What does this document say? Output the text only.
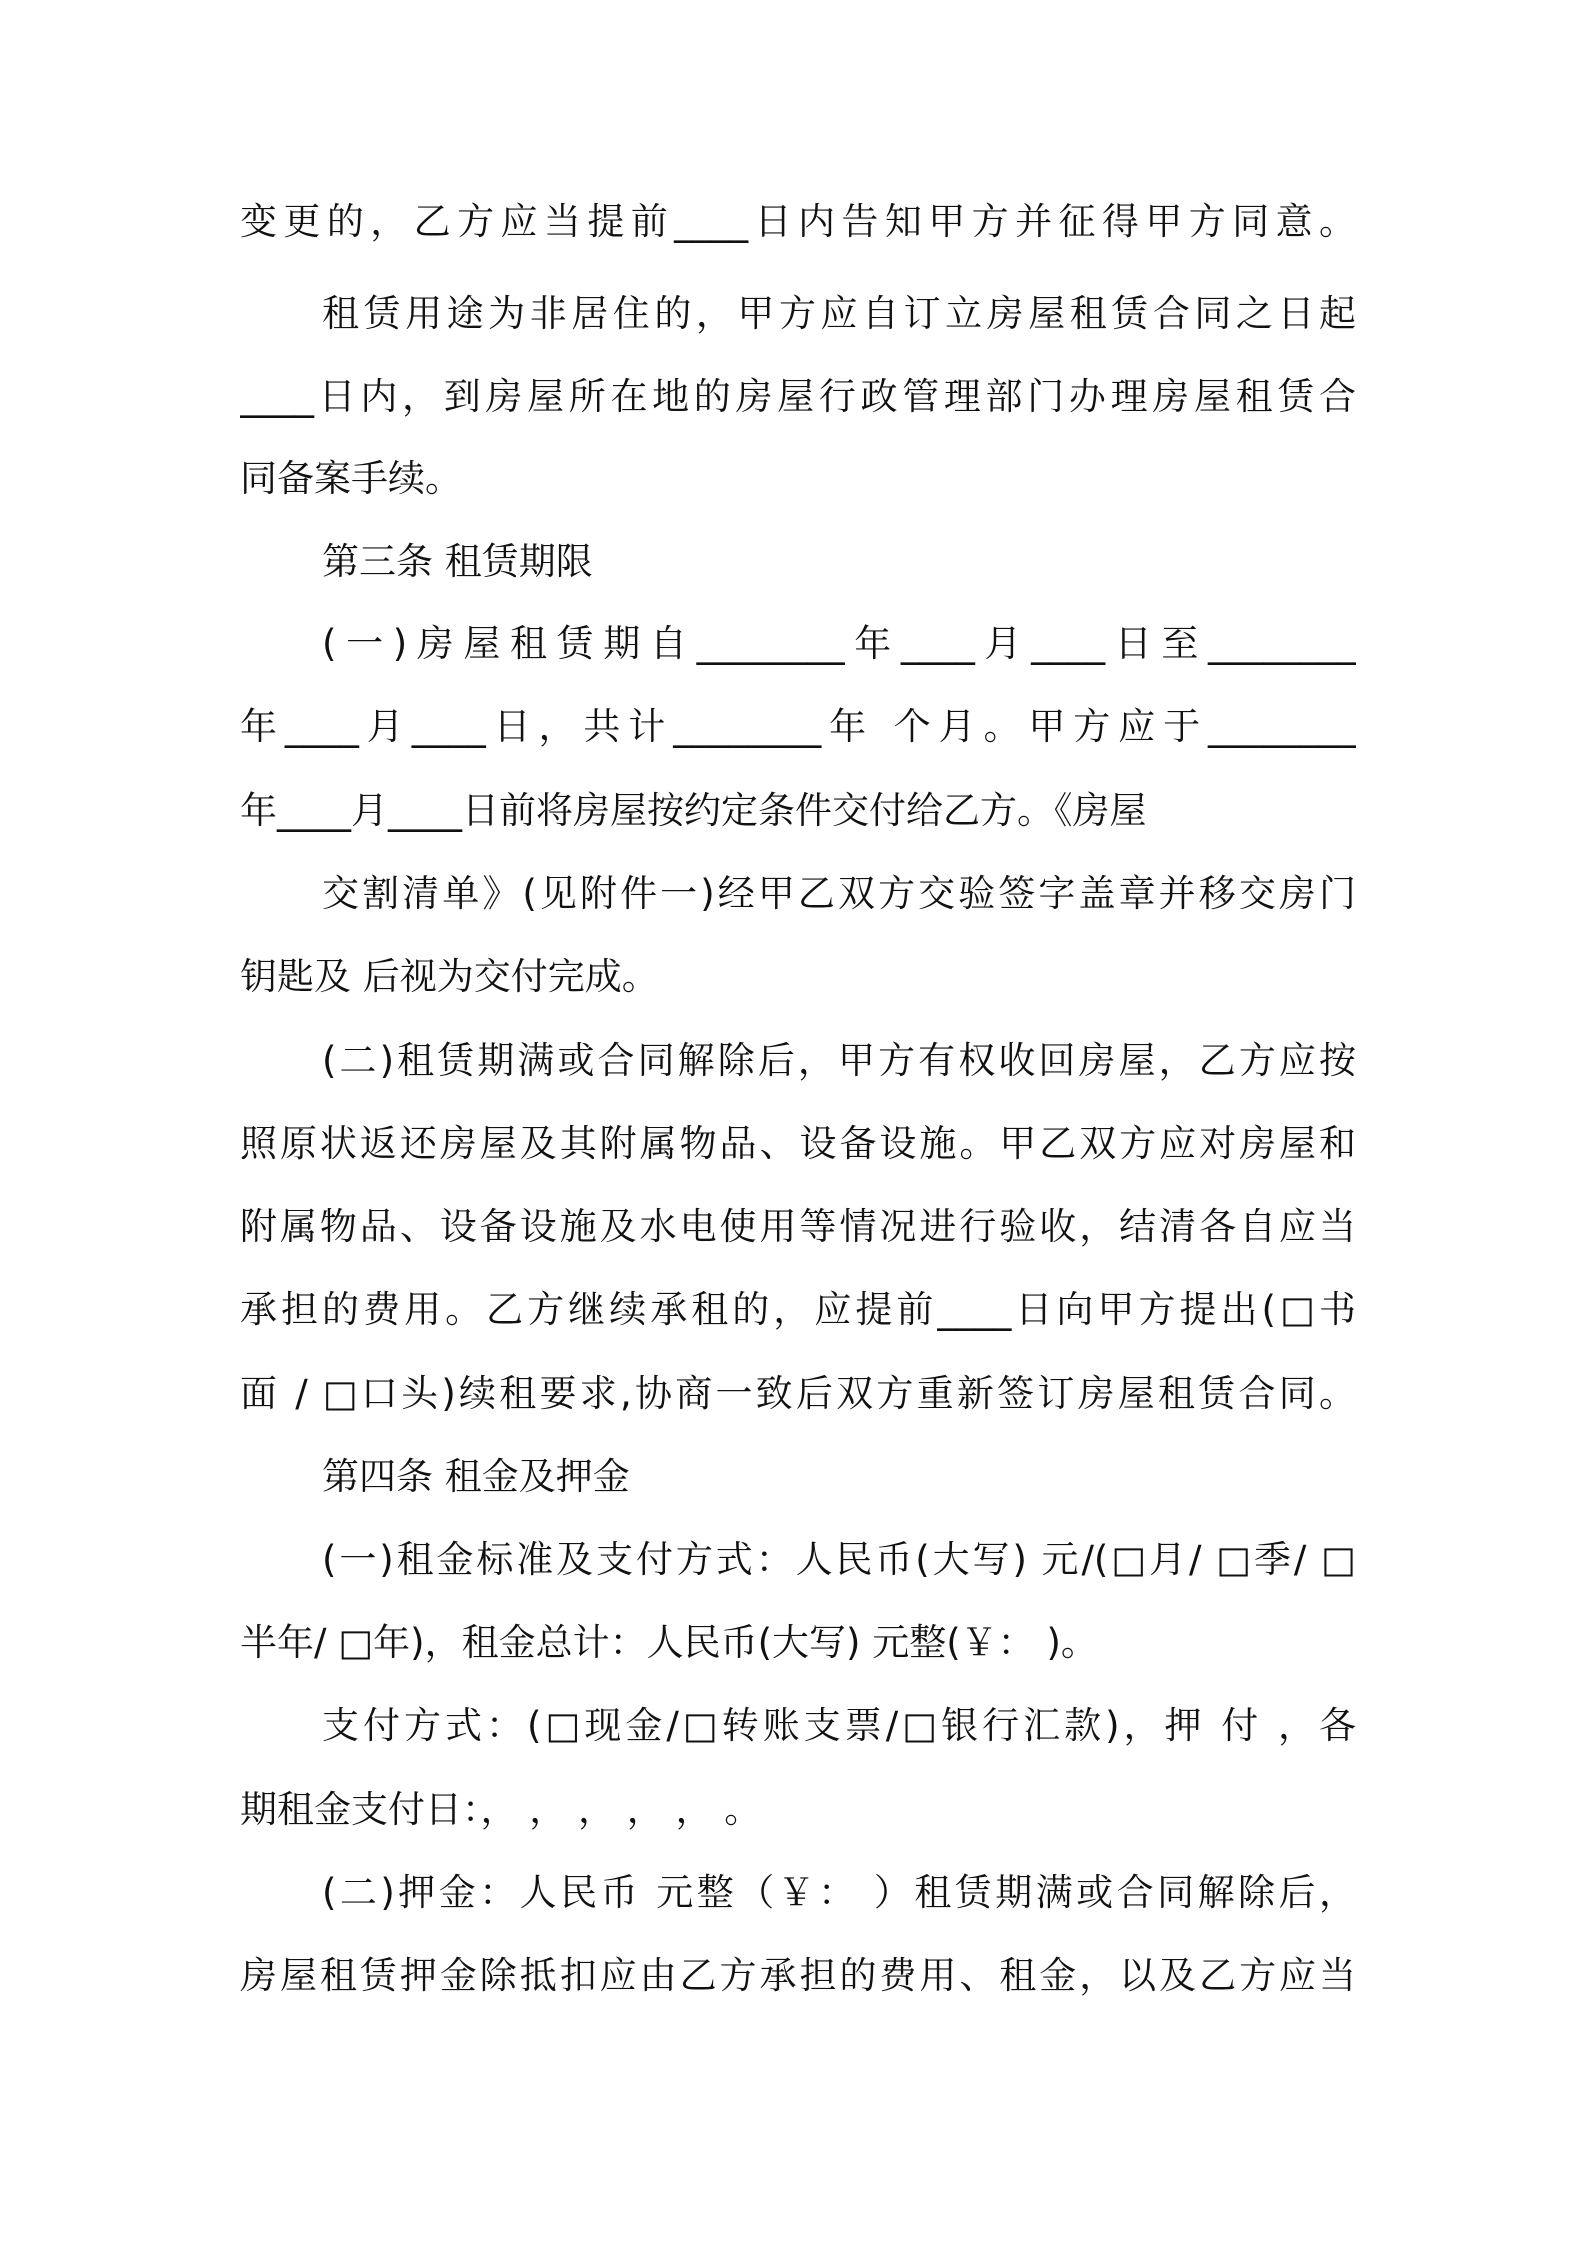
变更的，乙方应当提前____日内告知甲方并征得甲方同意。

租赁用途为非居住的，甲方应自订立房屋租赁合同之日起

____日内，到房屋所在地的房屋行政管理部门办理房屋租赁合

同备案手续。

第三条 租赁期限

(一)房屋租赁期自________年____月____日至________

年____月____日，共计________年 个月。甲方应于________

年____月____日前将房屋按约定条件交付给乙方。《房屋

交割清单》(见附件一)经甲乙双方交验签字盖章并移交房门

钥匙及 后视为交付完成。

(二)租赁期满或合同解除后，甲方有权收回房屋，乙方应按

照原状返还房屋及其附属物品、设备设施。甲乙双方应对房屋和

附属物品、设备设施及水电使用等情况进行验收，结清各自应当

承担的费用。乙方继续承租的，应提前____日向甲方提出(□书

面 / □口头)续租要求,协商一致后双方重新签订房屋租赁合同。

第四条 租金及押金

(一)租金标准及支付方式：人民币(大写) 元/(□月/ □季/ □

半年/ □年)，租金总计：人民币(大写) 元整(￥： )。

支付方式：(□现金/□转账支票/□银行汇款)，押 付 ，各

期租金支付日：， ， ， ， ， 。

(二)押金：人民币 元整（￥： ）租赁期满或合同解除后，

房屋租赁押金除抵扣应由乙方承担的费用、租金，以及乙方应当
